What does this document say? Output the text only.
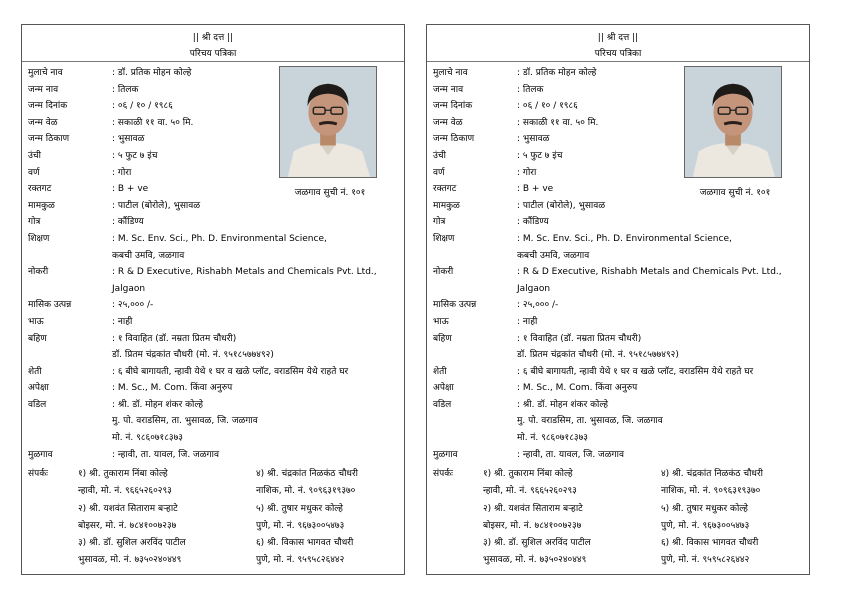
|| श्री दत्त ||
परिचय पत्रिका
मुलाचे नाव	: डॉ. प्रतिक मोहन कोल्हे
जन्म नाव	: तिलक
जन्म दिनांक	: ०६ / १० / १९८६
जन्म वेळ	: सकाळी ११ वा. ५० मि.
जन्म ठिकाण	: भुसावळ
उंची	: ५ फुट ७ इंच
वर्ण	: गोरा
रक्तगट	: B + ve
मामकुळ	: पाटील (बोरोले), भुसावळ
गोत्र	: कौंडिण्य
शिक्षण	: M. Sc. Env. Sci., Ph. D. Environmental Science,
कबची उमवि, जळगाव
नोकरी	: R & D Executive, Rishabh Metals and Chemicals Pvt. Ltd.,
Jalgaon
मासिक उत्पन्न	: २५,००० /-
भाऊ	: नाही
बहिण	: १ विवाहित (डॉ. नम्रता प्रितम चौधरी)
डॉ. प्रितम चंद्रकांत चौधरी (मो. नं. ९५१८५७७४९२)
शेती	: ६ बीघे बागायती, न्हावी येथे १ घर व खळे प्लॉट, वराडसिम येथे राहते घर
अपेक्षा	: M. Sc., M. Com. किंवा अनुरुप
वडिल	: श्री. डॉ. मोहन शंकर कोल्हे
मु. पो. वराडसिम, ता. भुसावळ, जि. जळगाव
मो. नं. ९८६०७१८३७३
मुळगाव	: न्हावी, ता. यावल, जि. जळगाव
जळगाव सुची नं. १०१
संपर्कः	१) श्री. तुकाराम निंबा कोल्हे	४) श्री. चंद्रकांत निळकंठ चौधरी
न्हावी, मो. नं. ९६६५२६०२९३	नाशिक, मो. नं. ९०९६३१९३७०
२) श्री. यशवंत सिताराम बऱ्हाटे	५) श्री. तुषार मधुकर कोल्हे
बोइसर, मो. नं. ७८४१००७२३७	पुणे, मो. नं. ९६७३००५४७३
३) श्री. डॉ. सुशिल अरविंद पाटील	६) श्री. विकास भागवत चौधरी
भुसावळ, मो. नं. ७३५०२४०४४९	पुणे, मो. नं. ९५९५८२६४४२
|| श्री दत्त ||
परिचय पत्रिका
मुलाचे नाव	: डॉ. प्रतिक मोहन कोल्हे
जन्म नाव	: तिलक
जन्म दिनांक	: ०६ / १० / १९८६
जन्म वेळ	: सकाळी ११ वा. ५० मि.
जन्म ठिकाण	: भुसावळ
उंची	: ५ फुट ७ इंच
वर्ण	: गोरा
रक्तगट	: B + ve
मामकुळ	: पाटील (बोरोले), भुसावळ
गोत्र	: कौंडिण्य
शिक्षण	: M. Sc. Env. Sci., Ph. D. Environmental Science,
कबची उमवि, जळगाव
नोकरी	: R & D Executive, Rishabh Metals and Chemicals Pvt. Ltd.,
Jalgaon
मासिक उत्पन्न	: २५,००० /-
भाऊ	: नाही
बहिण	: १ विवाहित (डॉ. नम्रता प्रितम चौधरी)
डॉ. प्रितम चंद्रकांत चौधरी (मो. नं. ९५१८५७७४९२)
शेती	: ६ बीघे बागायती, न्हावी येथे १ घर व खळे प्लॉट, वराडसिम येथे राहते घर
अपेक्षा	: M. Sc., M. Com. किंवा अनुरुप
वडिल	: श्री. डॉ. मोहन शंकर कोल्हे
मु. पो. वराडसिम, ता. भुसावळ, जि. जळगाव
मो. नं. ९८६०७१८३७३
मुळगाव	: न्हावी, ता. यावल, जि. जळगाव
जळगाव सुची नं. १०१
संपर्कः	१) श्री. तुकाराम निंबा कोल्हे	४) श्री. चंद्रकांत निळकंठ चौधरी
न्हावी, मो. नं. ९६६५२६०२९३	नाशिक, मो. नं. ९०९६३१९३७०
२) श्री. यशवंत सिताराम बऱ्हाटे	५) श्री. तुषार मधुकर कोल्हे
बोइसर, मो. नं. ७८४१००७२३७	पुणे, मो. नं. ९६७३००५४७३
३) श्री. डॉ. सुशिल अरविंद पाटील	६) श्री. विकास भागवत चौधरी
भुसावळ, मो. नं. ७३५०२४०४४९	पुणे, मो. नं. ९५९५८२६४४२
